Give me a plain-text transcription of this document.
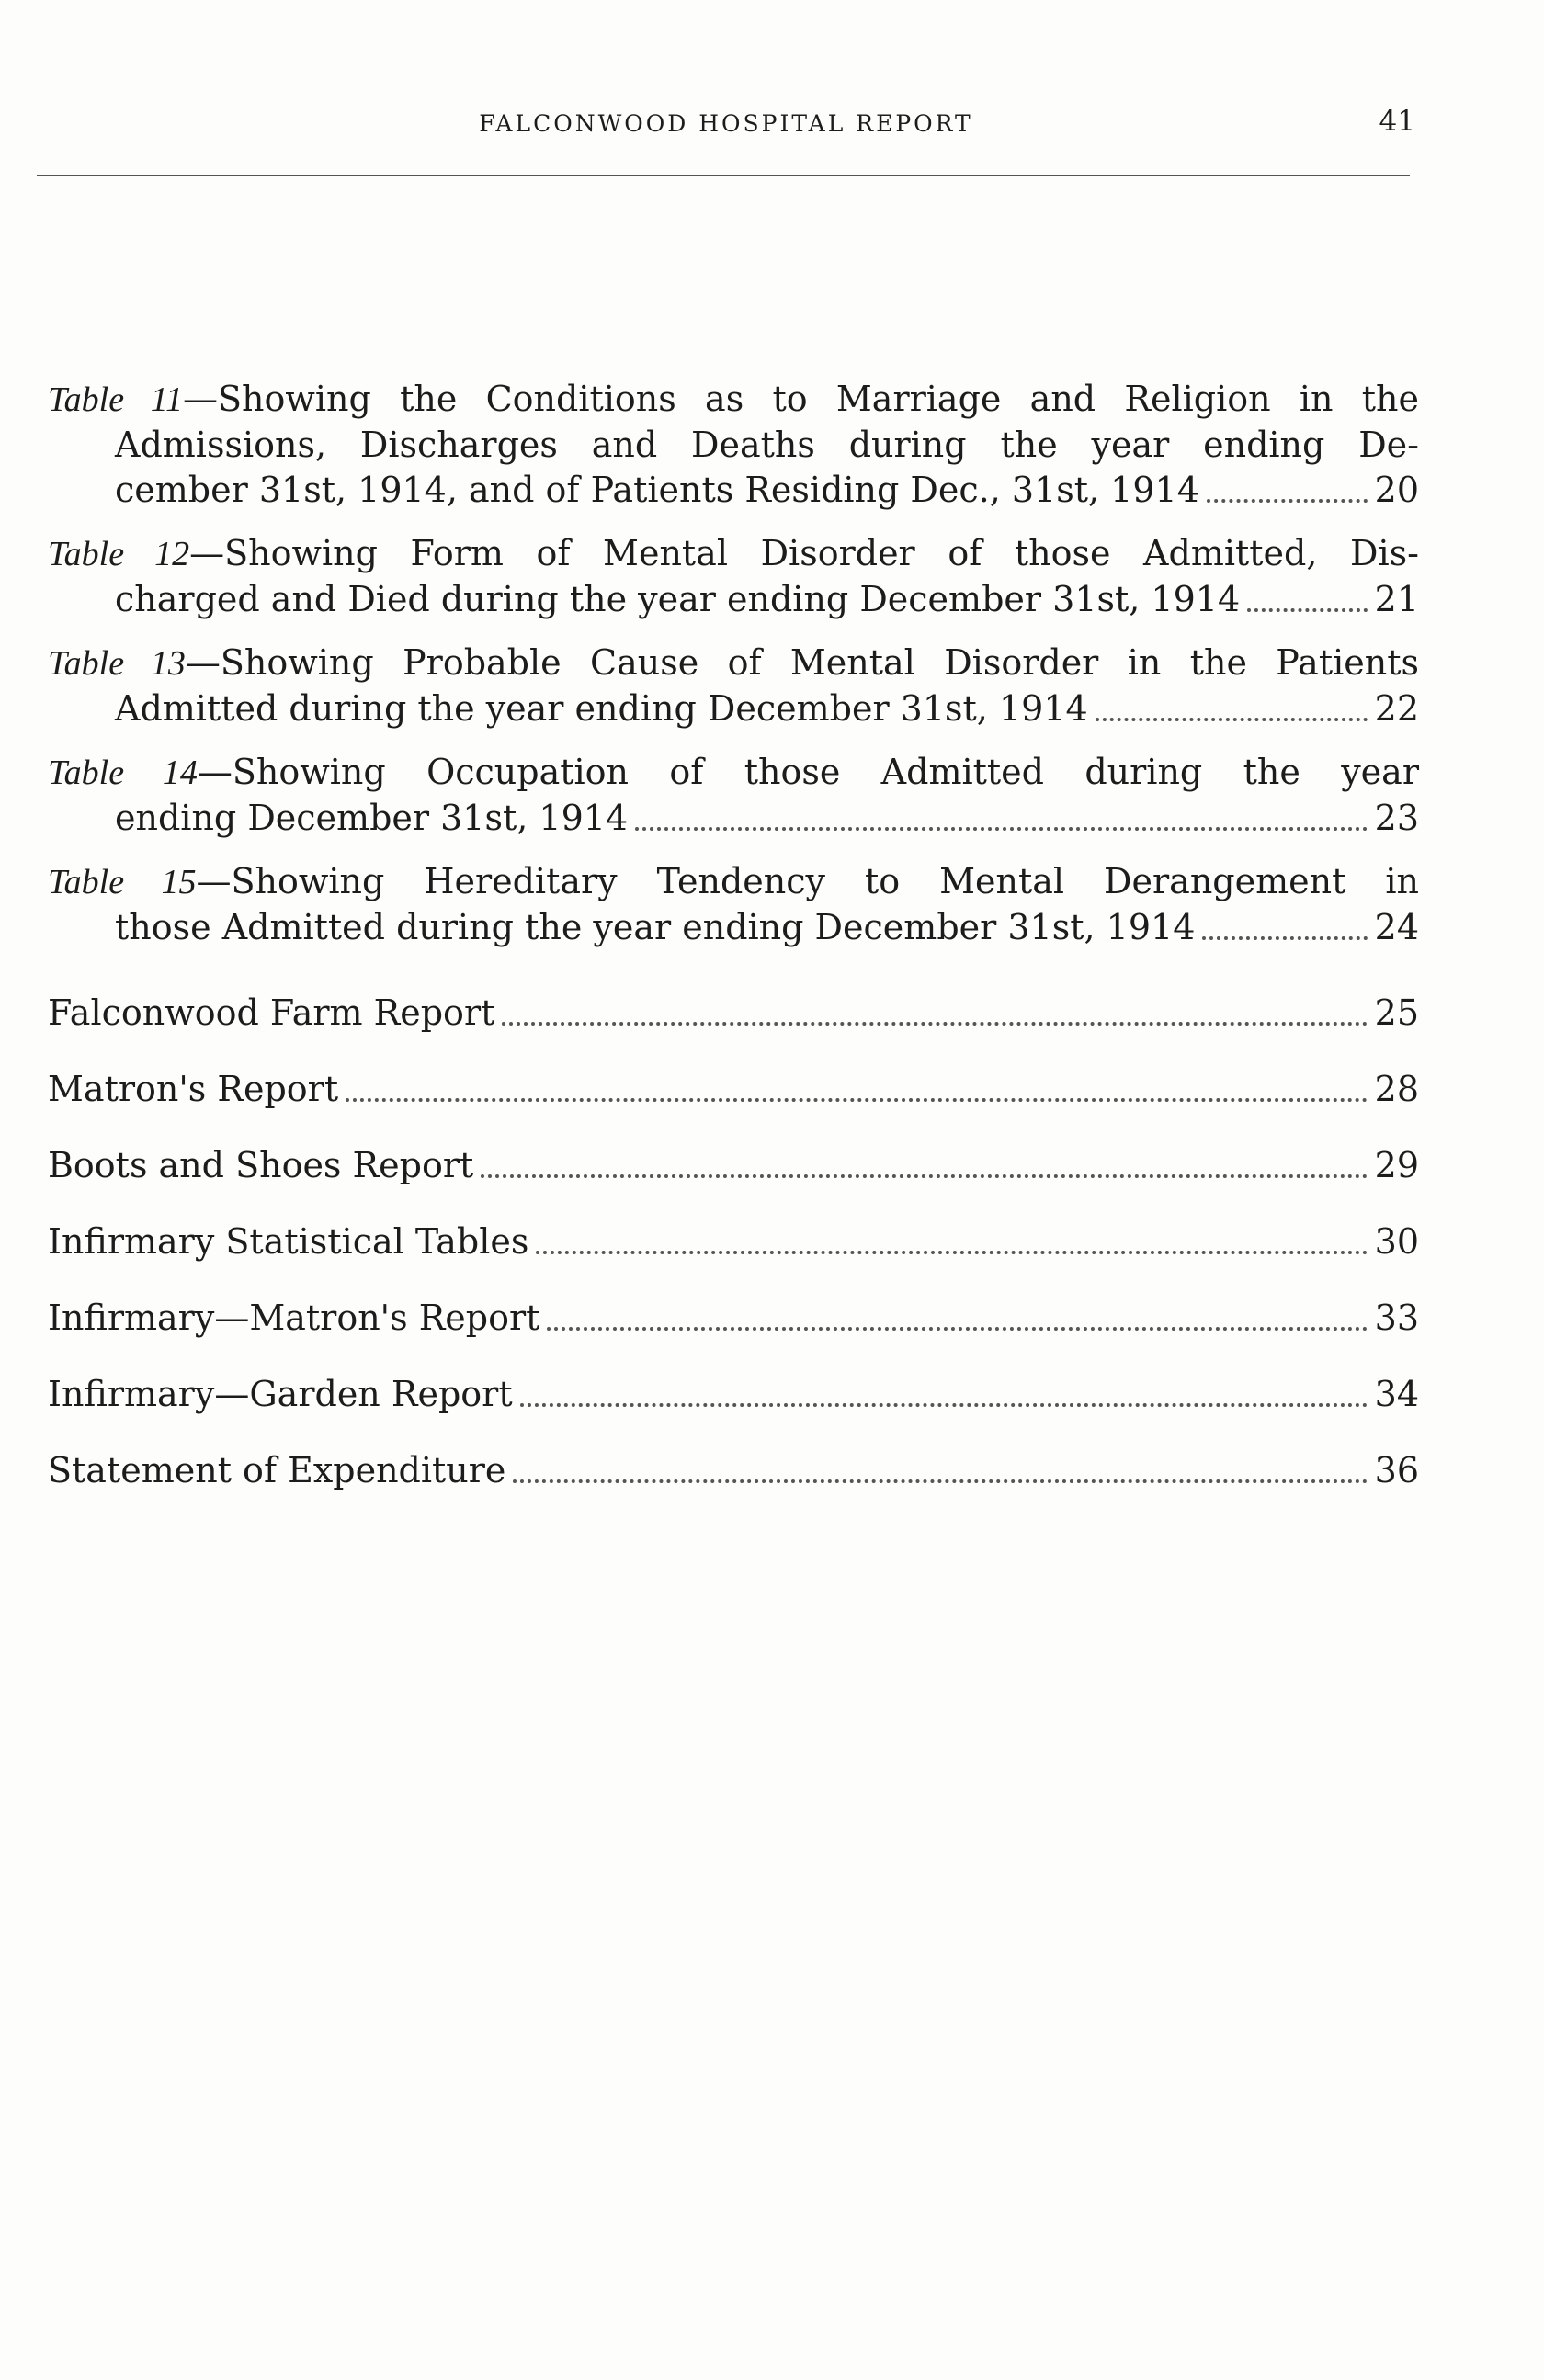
FALCONWOOD HOSPITAL REPORT	41
Table 11—Showing the Conditions as to Marriage and Religion in the
Admissions, Discharges and Deaths during the year ending De-
cember 31st, 1914, and of Patients Residing Dec., 31st, 1914	20
Table 12—Showing Form of Mental Disorder of those Admitted, Dis-
charged and Died during the year ending December 31st, 1914	21
Table 13—Showing Probable Cause of Mental Disorder in the Patients
Admitted during the year ending December 31st, 1914	22
Table 14—Showing Occupation of those Admitted during the year
ending December 31st, 1914	23
Table 15—Showing Hereditary Tendency to Mental Derangement in
those Admitted during the year ending December 31st, 1914	24
Falconwood Farm Report	25
Matron's Report	28
Boots and Shoes Report	29
Infirmary Statistical Tables	30
Infirmary—Matron's Report	33
Infirmary—Garden Report	34
Statement of Expenditure	36
